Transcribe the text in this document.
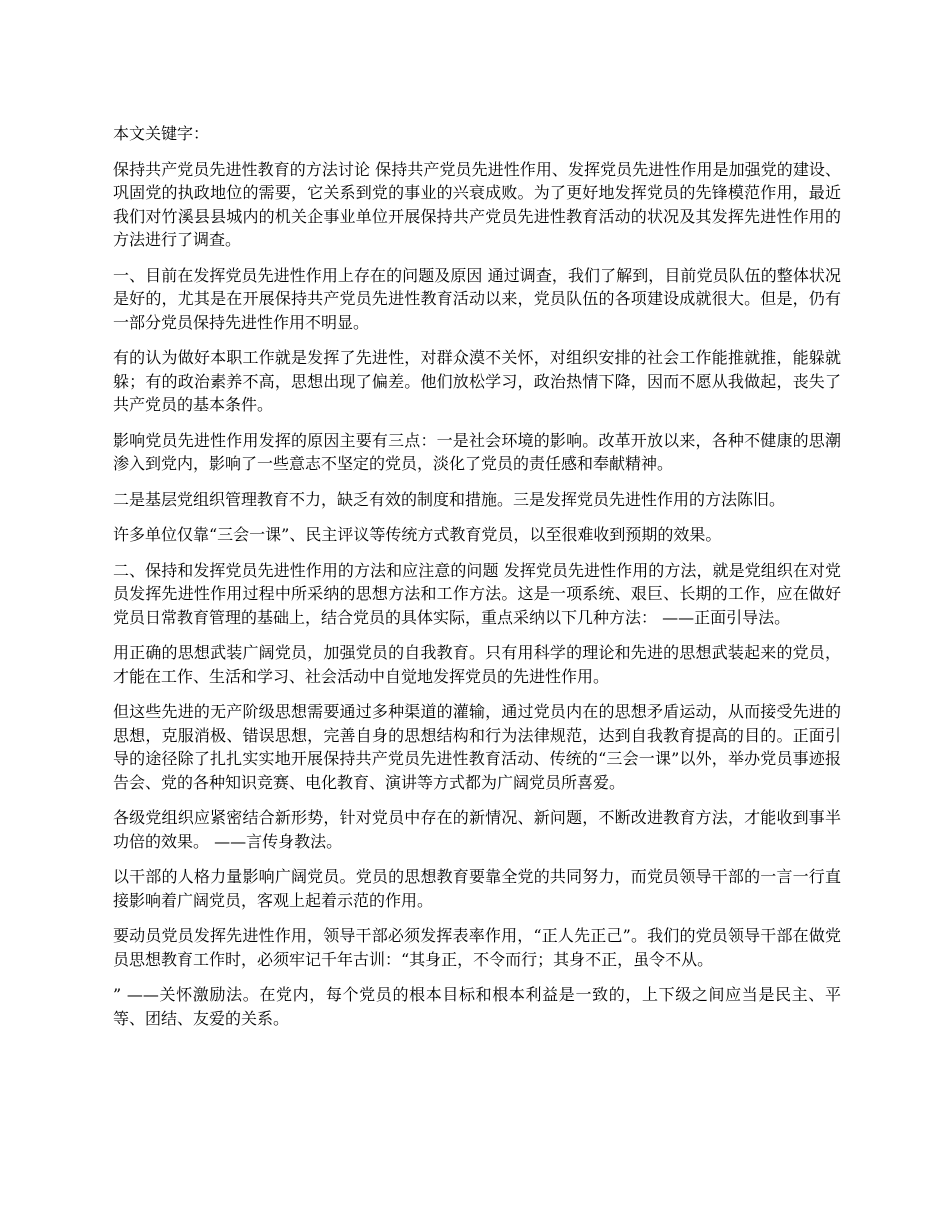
本文关键字：

保持共产党员先进性教育的方法讨论 保持共产党员先进性作用、发挥党员先进性作用是加强党的建设、巩固党的执政地位的需要，它关系到党的事业的兴衰成败。为了更好地发挥党员的先锋模范作用，最近我们对竹溪县县城内的机关企事业单位开展保持共产党员先进性教育活动的状况及其发挥先进性作用的方法进行了调查。

一、目前在发挥党员先进性作用上存在的问题及原因 通过调查，我们了解到，目前党员队伍的整体状况是好的，尤其是在开展保持共产党员先进性教育活动以来，党员队伍的各项建设成就很大。但是，仍有一部分党员保持先进性作用不明显。

有的认为做好本职工作就是发挥了先进性，对群众漠不关怀，对组织安排的社会工作能推就推，能躲就躲；有的政治素养不高，思想出现了偏差。他们放松学习，政治热情下降，因而不愿从我做起，丧失了共产党员的基本条件。

影响党员先进性作用发挥的原因主要有三点：一是社会环境的影响。改革开放以来，各种不健康的思潮渗入到党内，影响了一些意志不坚定的党员，淡化了党员的责任感和奉献精神。

二是基层党组织管理教育不力，缺乏有效的制度和措施。三是发挥党员先进性作用的方法陈旧。

许多单位仅靠“三会一课”、民主评议等传统方式教育党员，以至很难收到预期的效果。

二、保持和发挥党员先进性作用的方法和应注意的问题 发挥党员先进性作用的方法，就是党组织在对党员发挥先进性作用过程中所采纳的思想方法和工作方法。这是一项系统、艰巨、长期的工作，应在做好党员日常教育管理的基础上，结合党员的具体实际，重点采纳以下几种方法： ——正面引导法。

用正确的思想武装广阔党员，加强党员的自我教育。只有用科学的理论和先进的思想武装起来的党员，才能在工作、生活和学习、社会活动中自觉地发挥党员的先进性作用。

但这些先进的无产阶级思想需要通过多种渠道的灌输，通过党员内在的思想矛盾运动，从而接受先进的思想，克服消极、错误思想，完善自身的思想结构和行为法律规范，达到自我教育提高的目的。正面引导的途径除了扎扎实实地开展保持共产党员先进性教育活动、传统的“三会一课”以外，举办党员事迹报告会、党的各种知识竞赛、电化教育、演讲等方式都为广阔党员所喜爱。

各级党组织应紧密结合新形势，针对党员中存在的新情况、新问题，不断改进教育方法，才能收到事半功倍的效果。 ——言传身教法。

以干部的人格力量影响广阔党员。党员的思想教育要靠全党的共同努力，而党员领导干部的一言一行直接影响着广阔党员，客观上起着示范的作用。

要动员党员发挥先进性作用，领导干部必须发挥表率作用，“正人先正己”。我们的党员领导干部在做党员思想教育工作时，必须牢记千年古训：“其身正，不令而行；其身不正，虽令不从。

” ——关怀激励法。在党内，每个党员的根本目标和根本利益是一致的，上下级之间应当是民主、平等、团结、友爱的关系。
